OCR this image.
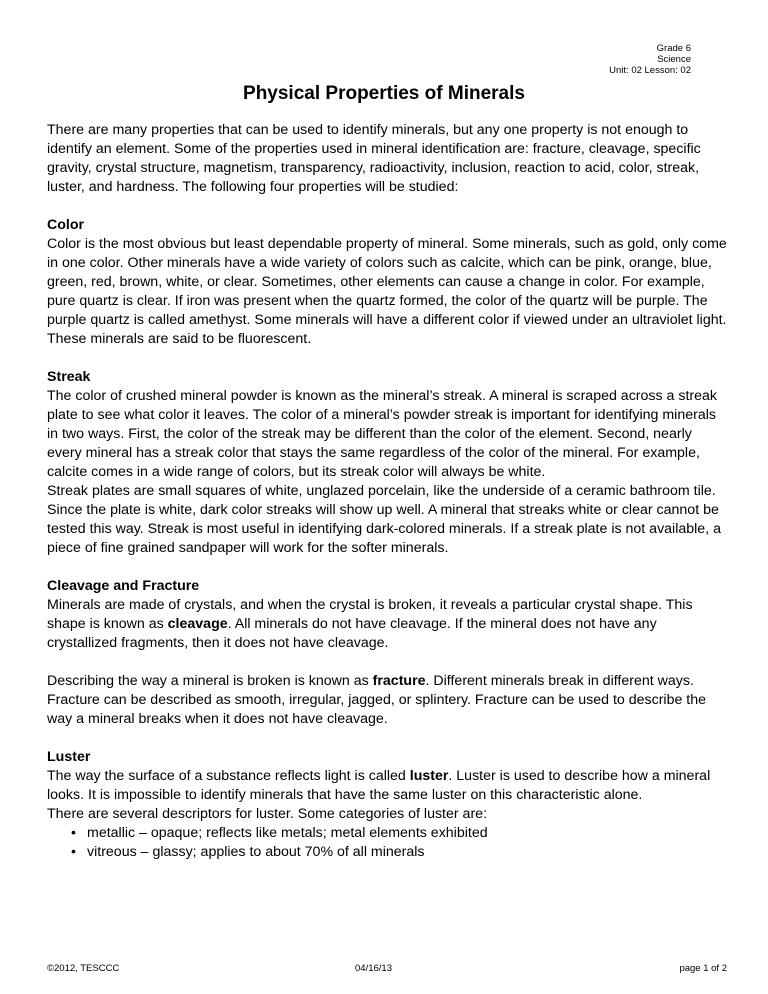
Grade 6
Science
Unit: 02 Lesson: 02
Physical Properties of Minerals

There are many properties that can be used to identify minerals, but any one property is not enough to identify an element. Some of the properties used in mineral identification are: fracture, cleavage, specific gravity, crystal structure, magnetism, transparency, radioactivity, inclusion, reaction to acid, color, streak, luster, and hardness. The following four properties will be studied:

Color

Color is the most obvious but least dependable property of mineral. Some minerals, such as gold, only come in one color. Other minerals have a wide variety of colors such as calcite, which can be pink, orange, blue, green, red, brown, white, or clear. Sometimes, other elements can cause a change in color. For example, pure quartz is clear. If iron was present when the quartz formed, the color of the quartz will be purple. The purple quartz is called amethyst. Some minerals will have a different color if viewed under an ultraviolet light. These minerals are said to be fluorescent.

Streak

The color of crushed mineral powder is known as the mineral’s streak. A mineral is scraped across a streak plate to see what color it leaves. The color of a mineral’s powder streak is important for identifying minerals in two ways. First, the color of the streak may be different than the color of the element. Second, nearly every mineral has a streak color that stays the same regardless of the color of the mineral. For example, calcite comes in a wide range of colors, but its streak color will always be white.

Streak plates are small squares of white, unglazed porcelain, like the underside of a ceramic bathroom tile. Since the plate is white, dark color streaks will show up well. A mineral that streaks white or clear cannot be tested this way. Streak is most useful in identifying dark-colored minerals. If a streak plate is not available, a piece of fine grained sandpaper will work for the softer minerals.

Cleavage and Fracture

Minerals are made of crystals, and when the crystal is broken, it reveals a particular crystal shape. This shape is known as cleavage. All minerals do not have cleavage. If the mineral does not have any crystallized fragments, then it does not have cleavage.

Describing the way a mineral is broken is known as fracture. Different minerals break in different ways. Fracture can be described as smooth, irregular, jagged, or splintery. Fracture can be used to describe the way a mineral breaks when it does not have cleavage.

Luster

The way the surface of a substance reflects light is called luster. Luster is used to describe how a mineral looks. It is impossible to identify minerals that have the same luster on this characteristic alone.

There are several descriptors for luster. Some categories of luster are:

• metallic – opaque; reflects like metals; metal elements exhibited
• vitreous – glassy; applies to about 70% of all minerals
©2012, TESCCC	04/16/13	page 1 of 2
